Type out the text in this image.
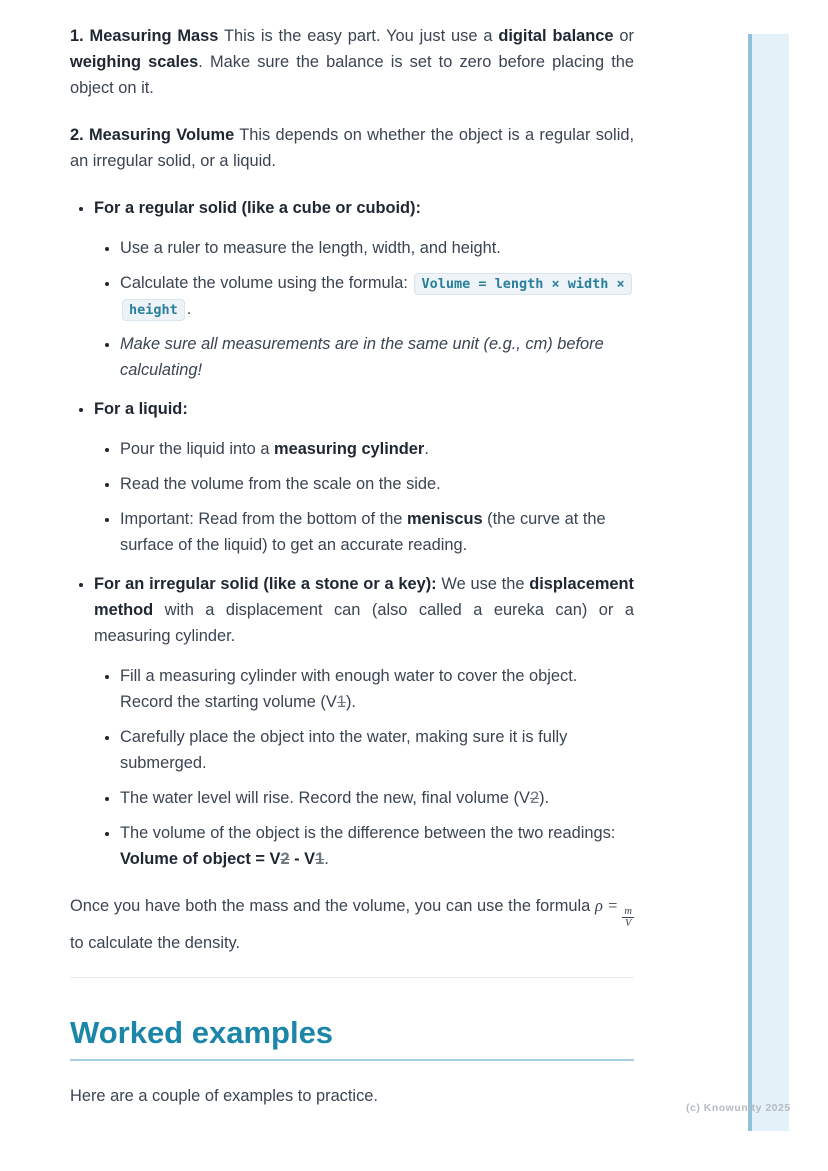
1. Measuring Mass This is the easy part. You just use a digital balance or weighing scales. Make sure the balance is set to zero before placing the object on it.

2. Measuring Volume This depends on whether the object is a regular solid, an irregular solid, or a liquid.

• For a regular solid (like a cube or cuboid):
• Use a ruler to measure the length, width, and height.
• Calculate the volume using the formula: Volume = length × width × height .
• Make sure all measurements are in the same unit (e.g., cm) before calculating!
• For a liquid:
• Pour the liquid into a measuring cylinder.
• Read the volume from the scale on the side.
• Important: Read from the bottom of the meniscus (the curve at the surface of the liquid) to get an accurate reading.
• For an irregular solid (like a stone or a key): We use the displacement method with a displacement can (also called a eureka can) or a measuring cylinder.
• Fill a measuring cylinder with enough water to cover the object. Record the starting volume (V1).
• Carefully place the object into the water, making sure it is fully submerged.
• The water level will rise. Record the new, final volume (V2).
• The volume of the object is the difference between the two readings:
Volume of object = V2 - V1.

Once you have both the mass and the volume, you can use the formula ρ =
$\frac{m}{V}$
to calculate the density.

Worked examples

Here are a couple of examples to practice.

(c) Knowunity 2025
